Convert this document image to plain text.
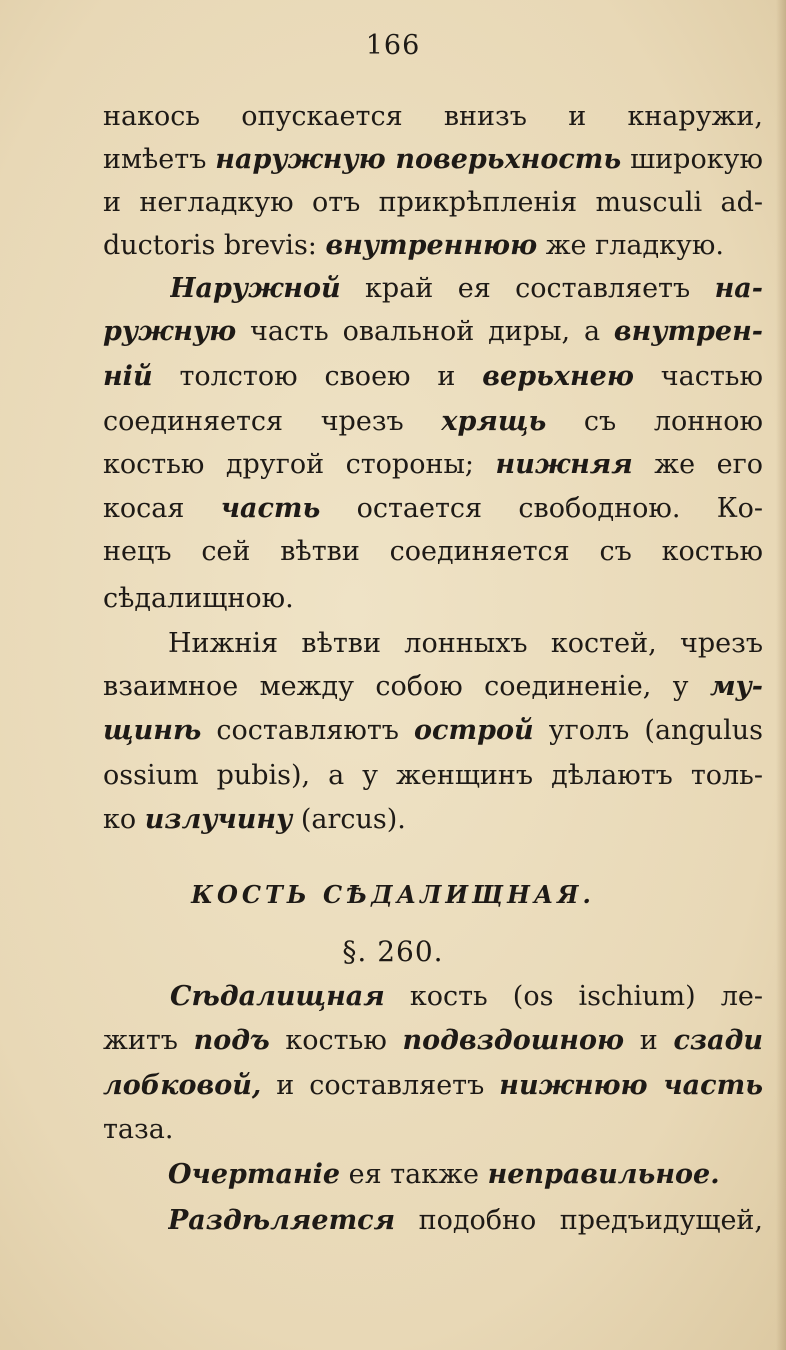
166
накось опускается внизъ и кнаружи,
имѣетъ наружную поверьхность широкую
и негладкую отъ прикрѣпленія musculi ad-
ductoris brevis: внутреннюю же гладкую.
Наружной край ея составляетъ на-
ружную часть овальной диры, а внутрен-
ній толстою своею и верьхнею частью
соединяется чрезъ хрящь съ лонною
костью другой стороны; нижняя же его
косая часть остается свободною. Ко-
нецъ сей вѣтви соединяется съ костью
сѣдалищною.
Нижнія вѣтви лонныхъ костей, чрезъ
взаимное между собою соединеніе, у му-
щинѣ составляютъ острой уголъ (angulus
ossium pubis), а у женщинъ дѣлаютъ толь-
ко излучину (arcus).
КОСТЬ СѢДАЛИЩНАЯ.
§. 260.
Сѣдалищная кость (os ischium) ле-
житъ подъ костью подвздошною и сзади
лобковой, и составляетъ нижнюю часть
таза.
Очертаніе ея также неправильное.
Раздѣляется подобно предъидущей,
